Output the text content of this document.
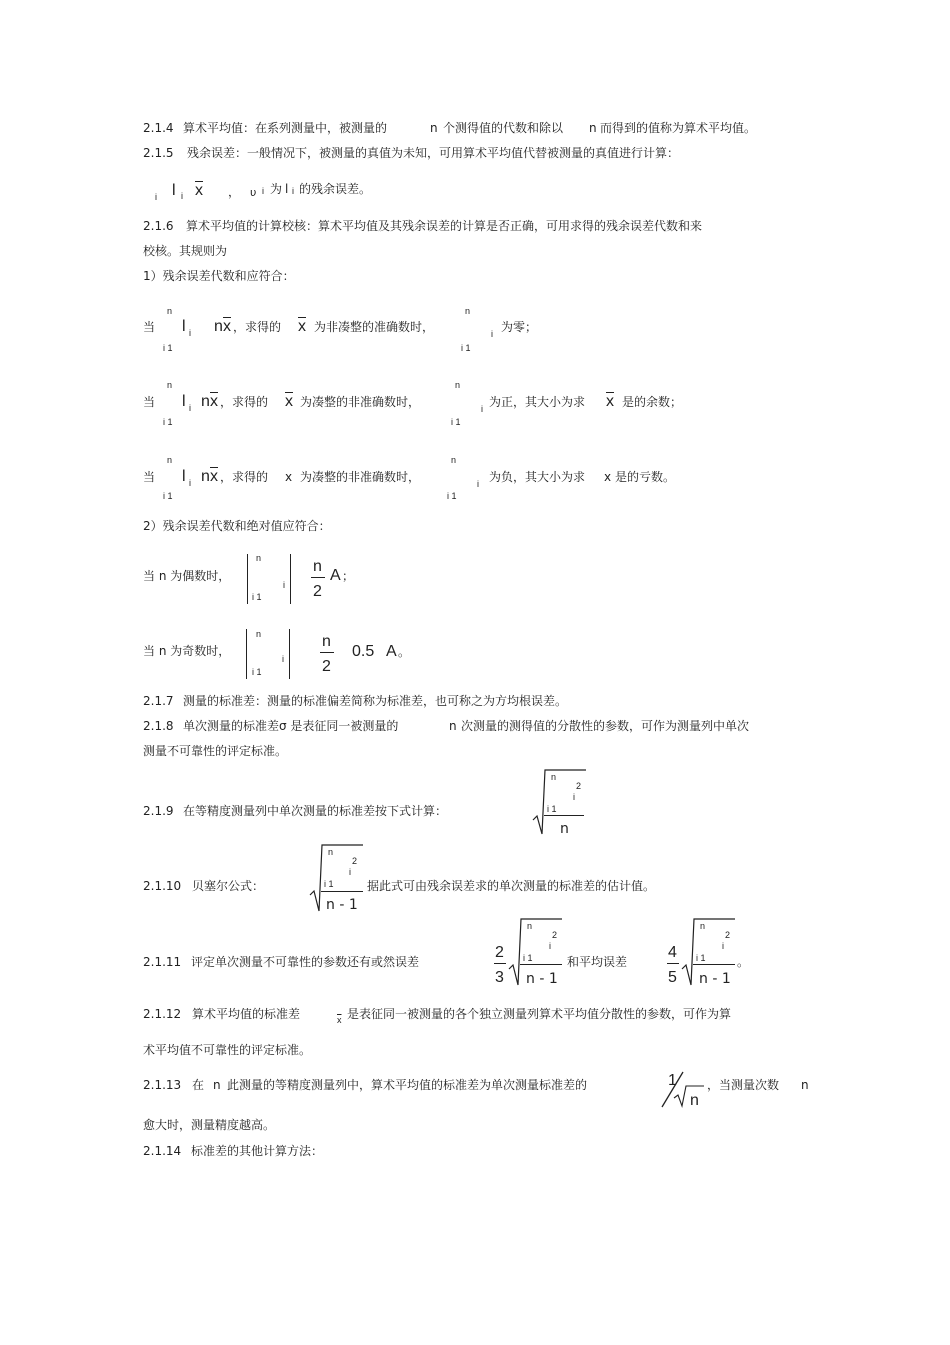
2.1.4 算术平均值：在系列测量中，被测量的	n 个测得值的代数和除以 n 而得到的值称为算术平均值。
2.1.5 残余误差：一般情况下，被测量的真值为未知，可用算术平均值代替被测量的真值进行计算：
i l i $\overline{x}$ ， υ i 为 l i 的残余误差。
2.1.6 算术平均值的计算校核：算术平均值及其残余误差的计算是否正确，可用求得的残余误差代数和来
校核。其规则为
1）残余误差代数和应符合：
当
n
i 1
l i n $\overline{x}$ ，求得的 $\overline{x}$ 为非凑整的准确数时，
n
i 1
i 为零；
当
n
i 1
l i n $\overline{x}$ ，求得的 $\overline{x}$ 为凑整的非准确数时，
n
i 1
i 为正，其大小为求 $\overline{x}$ 是的余数；
当
n
i 1
l i n $\overline{x}$ ，求得的 x 为凑整的非准确数时，
n
i 1
i 为负，其大小为求 x 是的亏数。
2）残余误差代数和绝对值应符合：
当 n 为偶数时，
n
i 1
i
n
2
A ；
当 n 为奇数时，
n
i 1
i
n
2
0.5 A 。
2.1.7 测量的标准差：测量的标准偏差简称为标准差，也可称之为方均根误差。
2.1.8 单次测量的标准差σ 是表征同一被测量的	n 次测量的测得值的分散性的参数，可作为测量列中单次
测量不可靠性的评定标准。
2.1.9 在等精度测量列中单次测量的标准差按下式计算：
n
2
i
i 1
n
2.1.10 贝塞尔公式：
n
2
i
i 1
n - 1
据此式可由残余误差求的单次测量的标准差的估计值。
2.1.11 评定单次测量不可靠性的参数还有或然误差
2
3
n
2
i
i 1
n - 1
和平均误差
4
5
n
2
i
i 1
n - 1
。
2.1.12 算术平均值的标准差	$\overline{x}$ 是表征同一被测量的各个独立测量列算术平均值分散性的参数，可作为算
术平均值不可靠性的评定标准。
2.1.13 在 n 此测量的等精度测量列中，算术平均值的标准差为单次测量标准差的	1
n
，当测量次数 n
愈大时，测量精度越高。
2.1.14 标准差的其他计算方法：
